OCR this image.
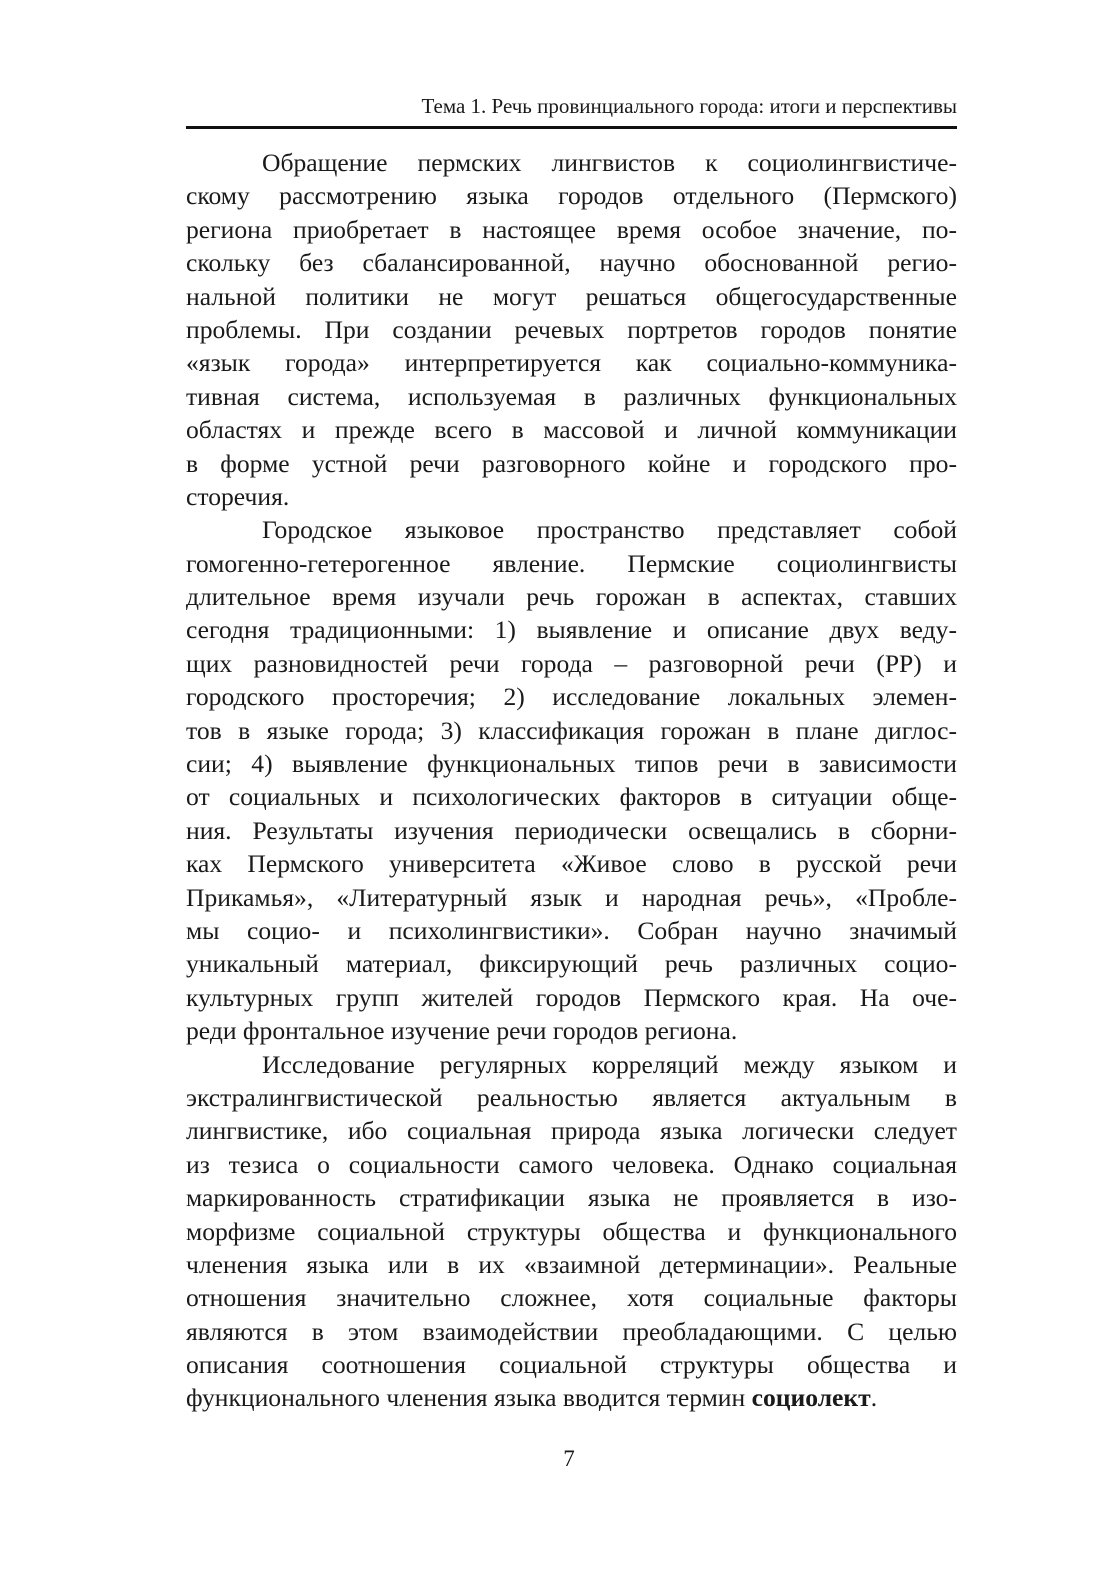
Тема 1. Речь провинциального города: итоги и перспективы
Обращение пермских лингвистов к социолингвистиче-
скому рассмотрению языка городов отдельного (Пермского)
региона приобретает в настоящее время особое значение, по-
скольку без сбалансированной, научно обоснованной регио-
нальной политики не могут решаться общегосударственные
проблемы. При создании речевых портретов городов понятие
«язык города» интерпретируется как социально-коммуника-
тивная система, используемая в различных функциональных
областях и прежде всего в массовой и личной коммуникации
в форме устной речи разговорного койне и городского про-
сторечия.
Городское языковое пространство представляет собой
гомогенно-гетерогенное явление. Пермские социолингвисты
длительное время изучали речь горожан в аспектах, ставших
сегодня традиционными: 1) выявление и описание двух веду-
щих разновидностей речи города – разговорной речи (РР) и
городского просторечия; 2) исследование локальных элемен-
тов в языке города; 3) классификация горожан в плане диглос-
сии; 4) выявление функциональных типов речи в зависимости
от социальных и психологических факторов в ситуации обще-
ния. Результаты изучения периодически освещались в сборни-
ках Пермского университета «Живое слово в русской речи
Прикамья», «Литературный язык и народная речь», «Пробле-
мы социо- и психолингвистики». Собран научно значимый
уникальный материал, фиксирующий речь различных социо-
культурных групп жителей городов Пермского края. На оче-
реди фронтальное изучение речи городов региона.
Исследование регулярных корреляций между языком и
экстралингвистической реальностью является актуальным в
лингвистике, ибо социальная природа языка логически следует
из тезиса о социальности самого человека. Однако социальная
маркированность стратификации языка не проявляется в изо-
морфизме социальной структуры общества и функционального
членения языка или в их «взаимной детерминации». Реальные
отношения значительно сложнее, хотя социальные факторы
являются в этом взаимодействии преобладающими. С целью
описания соотношения социальной структуры общества и
функционального членения языка вводится термин социолект.
7
